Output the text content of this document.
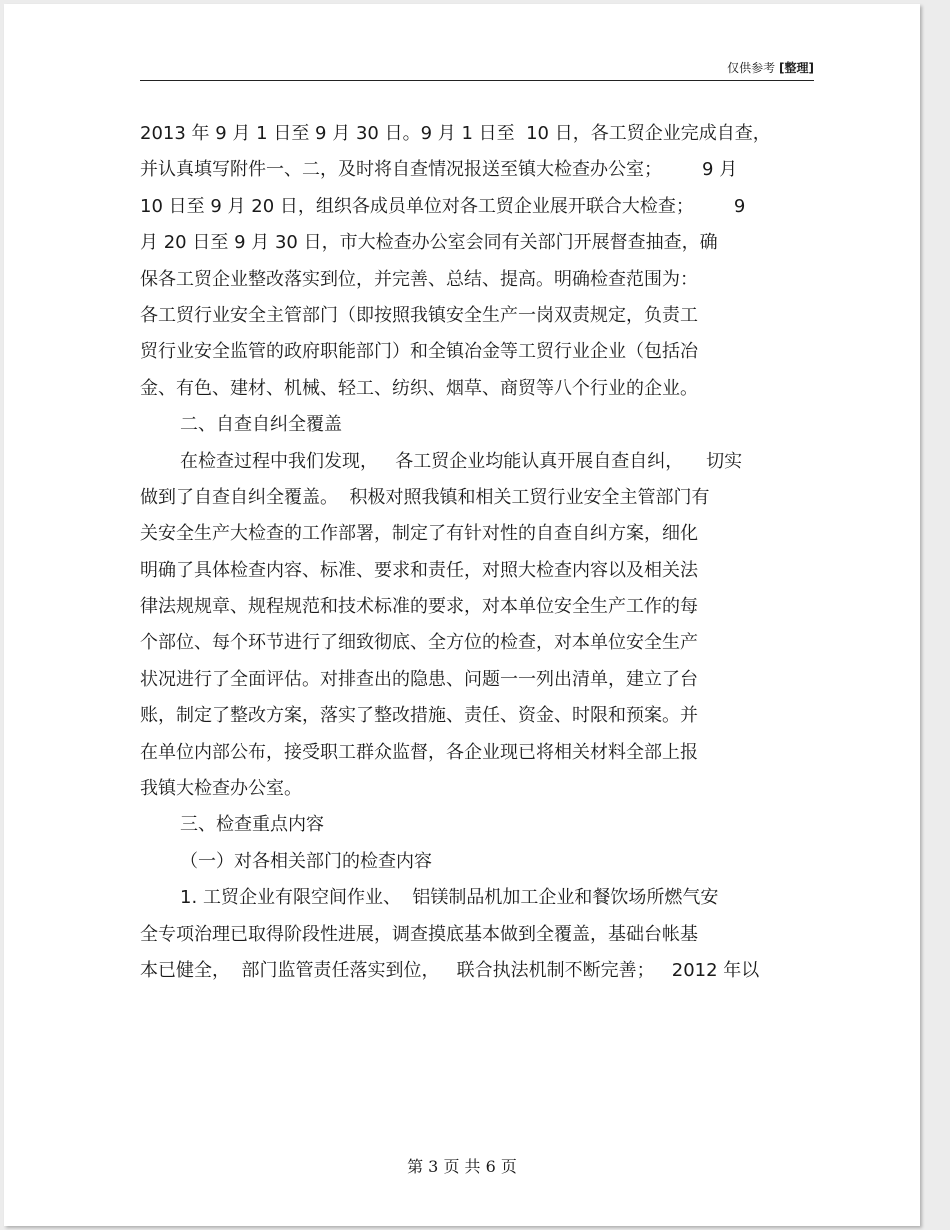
仅供参考 [整理]
2013 年 9 月 1 日至 9 月 30 日。9 月 1 日至  10 日，各工贸企业完成自查，
并认真填写附件一、二，及时将自查情况报送至镇大检查办公室；       9 月
10 日至 9 月 20 日，组织各成员单位对各工贸企业展开联合大检查；       9
月 20 日至 9 月 30 日，市大检查办公室会同有关部门开展督查抽查，确
保各工贸企业整改落实到位，并完善、总结、提高。明确检查范围为：
各工贸行业安全主管部门（即按照我镇安全生产一岗双责规定，负责工
贸行业安全监管的政府职能部门）和全镇冶金等工贸行业企业（包括冶
金、有色、建材、机械、轻工、纺织、烟草、商贸等八个行业的企业。
二、自查自纠全覆盖
在检查过程中我们发现，   各工贸企业均能认真开展自查自纠，    切实
做到了自查自纠全覆盖。  积极对照我镇和相关工贸行业安全主管部门有
关安全生产大检查的工作部署，制定了有针对性的自查自纠方案，细化
明确了具体检查内容、标准、要求和责任，对照大检查内容以及相关法
律法规规章、规程规范和技术标准的要求，对本单位安全生产工作的每
个部位、每个环节进行了细致彻底、全方位的检查，对本单位安全生产
状况进行了全面评估。对排查出的隐患、问题一一列出清单，建立了台
账，制定了整改方案，落实了整改措施、责任、资金、时限和预案。并
在单位内部公布，接受职工群众监督，各企业现已将相关材料全部上报
我镇大检查办公室。
三、检查重点内容
（一）对各相关部门的检查内容
1. 工贸企业有限空间作业、  铝镁制品机加工企业和餐饮场所燃气安
全专项治理已取得阶段性进展，调查摸底基本做到全覆盖，基础台帐基
本已健全，  部门监管责任落实到位，   联合执法机制不断完善；   2012 年以
第 3 页 共 6 页
